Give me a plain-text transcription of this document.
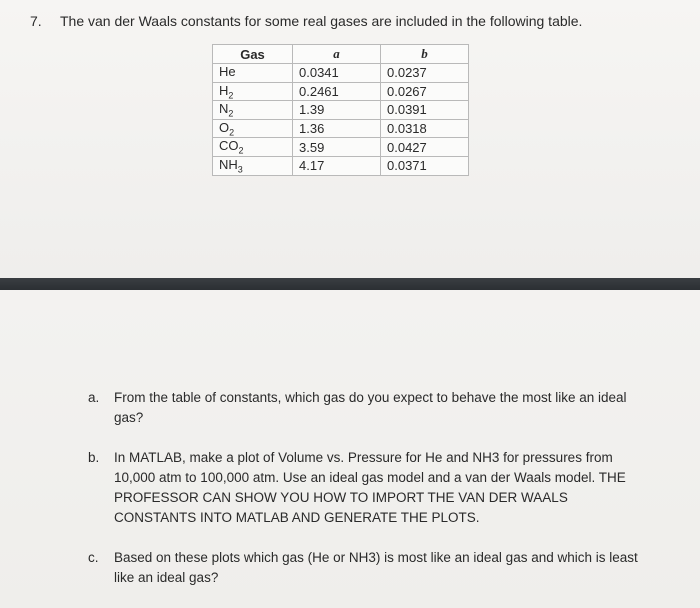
7. The van der Waals constants for some real gases are included in the following table.
Gas	a	b
He	0.0341	0.0237
$H_2$	0.2461	0.0267
$N_2$	1.39	0.0391
$O_2$	1.36	0.0318
$CO_2$	3.59	0.0427
$NH_3$	4.17	0.0371
a.	From the table of constants, which gas do you expect to behave the most like an ideal gas?
b.	In MATLAB, make a plot of Volume vs. Pressure for He and NH3 for pressures from 10,000 atm to 100,000 atm. Use an ideal gas model and a van der Waals model. THE PROFESSOR CAN SHOW YOU HOW TO IMPORT THE VAN DER WAALS CONSTANTS INTO MATLAB AND GENERATE THE PLOTS.
c.	Based on these plots which gas (He or NH3) is most like an ideal gas and which is least like an ideal gas?
